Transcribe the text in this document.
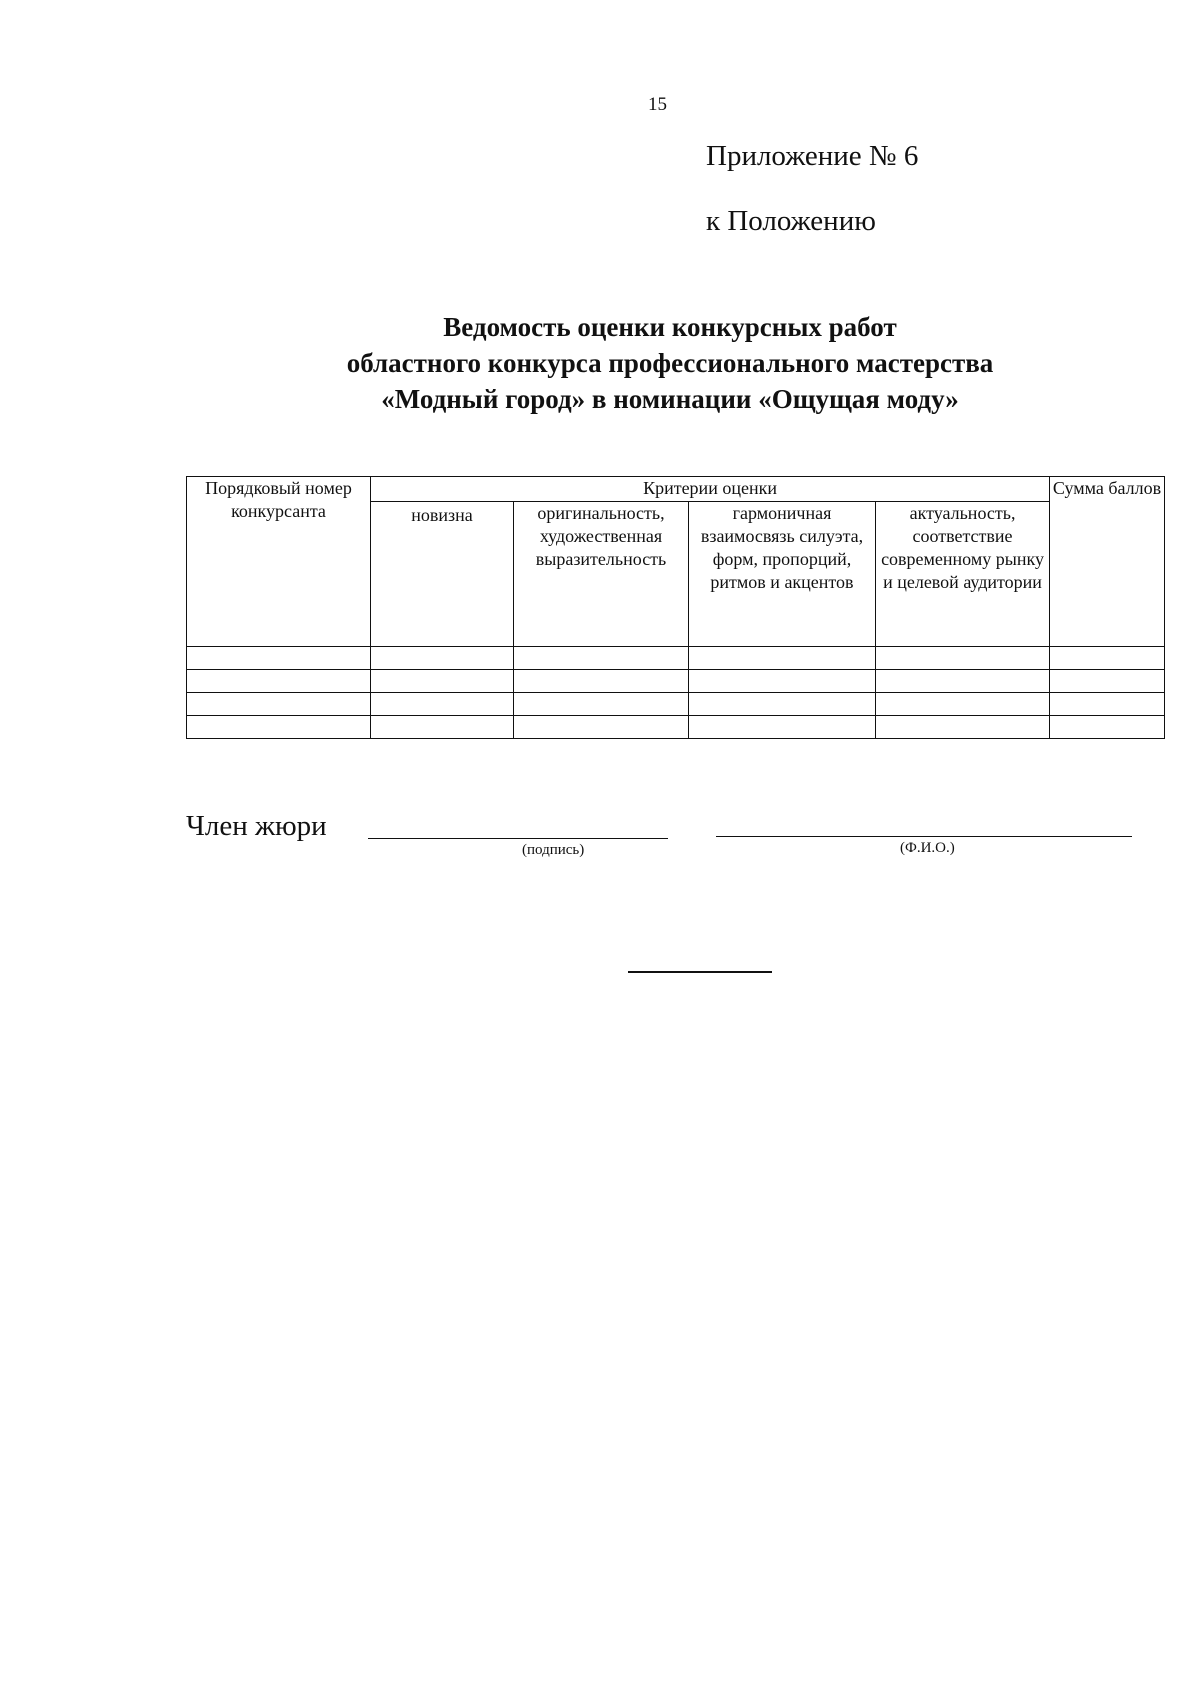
15
Приложение № 6
к Положению
Ведомость оценки конкурсных работ
областного конкурса профессионального мастерства
«Модный город» в номинации «Ощущая моду»
Порядковый номер конкурсанта	Критерии оценки				Сумма баллов
	новизна	оригинальность, художественная выразительность	гармоничная взаимосвязь силуэта, форм, пропорций, ритмов и акцентов	актуальность, соответствие современному рынку и целевой аудитории	

Член жюри
(подпись)	(Ф.И.О.)
